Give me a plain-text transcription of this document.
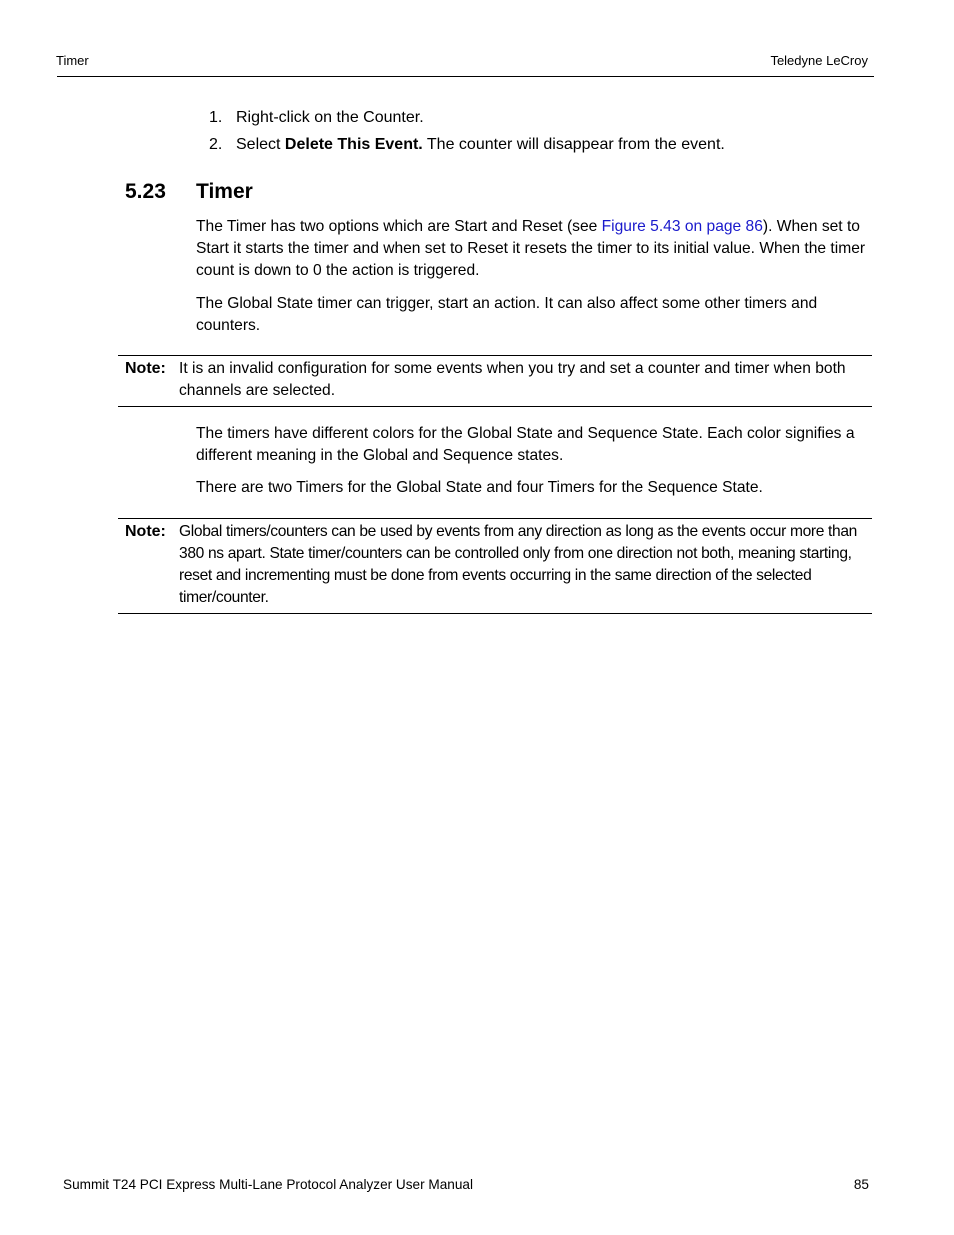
Timer	Teledyne LeCroy
1. Right-click on the Counter.
2. Select Delete This Event. The counter will disappear from the event.
5.23 Timer

The Timer has two options which are Start and Reset (see Figure 5.43 on page 86). When set to Start it starts the timer and when set to Reset it resets the timer to its initial value. When the timer count is down to 0 the action is triggered.

The Global State timer can trigger, start an action. It can also affect some other timers and counters.

Note: It is an invalid configuration for some events when you try and set a counter and timer when both channels are selected.

The timers have different colors for the Global State and Sequence State. Each color signifies a different meaning in the Global and Sequence states.

There are two Timers for the Global State and four Timers for the Sequence State.

Note: Global timers/counters can be used by events from any direction as long as the events occur more than 380 ns apart. State timer/counters can be controlled only from one direction not both, meaning starting, reset and incrementing must be done from events occurring in the same direction of the selected timer/counter.

Summit T24 PCI Express Multi-Lane Protocol Analyzer User Manual	85
